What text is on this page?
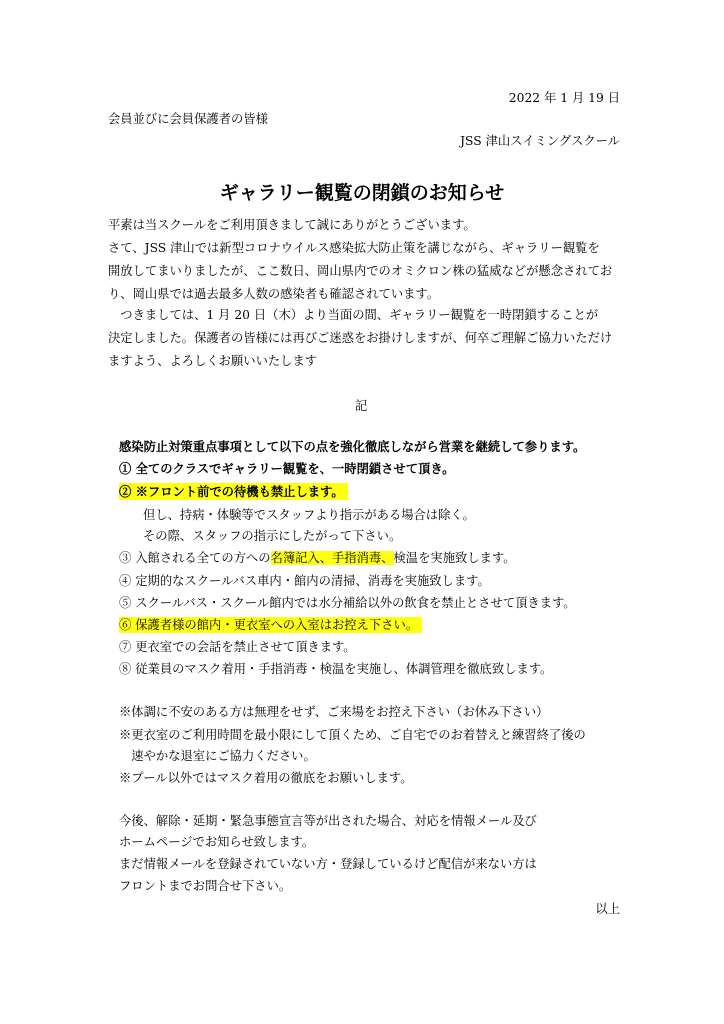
2022 年 1 月 19 日
会員並びに会員保護者の皆様
JSS 津山スイミングスクール
ギャラリー観覧の閉鎖のお知らせ
平素は当スクールをご利用頂きまして誠にありがとうございます。
さて、JSS 津山では新型コロナウイルス感染拡大防止策を講じながら、ギャラリー観覧を
開放してまいりましたが、ここ数日、岡山県内でのオミクロン株の猛威などが懸念されてお
り、岡山県では過去最多人数の感染者も確認されています。
　つきましては、1 月 20 日（木）より当面の間、ギャラリー観覧を一時閉鎖することが
決定しました。保護者の皆様には再びご迷惑をお掛けしますが、何卒ご理解ご協力いただけ
ますよう、よろしくお願いいたします
記
感染防止対策重点事項として以下の点を強化徹底しながら営業を継続して参ります。
① 全てのクラスでギャラリー観覧を、一時閉鎖させて頂き。
② ※フロント前での待機も禁止します。
但し、持病・体験等でスタッフより指示がある場合は除く。
その際、スタッフの指示にしたがって下さい。
③ 入館される全ての方への名簿記入、手指消毒、検温を実施致します。
④ 定期的なスクールバス車内・館内の清掃、消毒を実施致します。
⑤ スクールバス・スクール館内では水分補給以外の飲食を禁止とさせて頂きます。
⑥ 保護者様の館内・更衣室への入室はお控え下さい。
⑦ 更衣室での会話を禁止させて頂きます。
⑧ 従業員のマスク着用・手指消毒・検温を実施し、体調管理を徹底致します。
※体調に不安のある方は無理をせず、ご来場をお控え下さい（お休み下さい）
※更衣室のご利用時間を最小限にして頂くため、ご自宅でのお着替えと練習終了後の
　速やかな退室にご協力ください。
※プール以外ではマスク着用の徹底をお願いします。
今後、解除・延期・緊急事態宣言等が出された場合、対応を情報メール及び
ホームページでお知らせ致します。
まだ情報メールを登録されていない方・登録しているけど配信が来ない方は
フロントまでお問合せ下さい。
以上
